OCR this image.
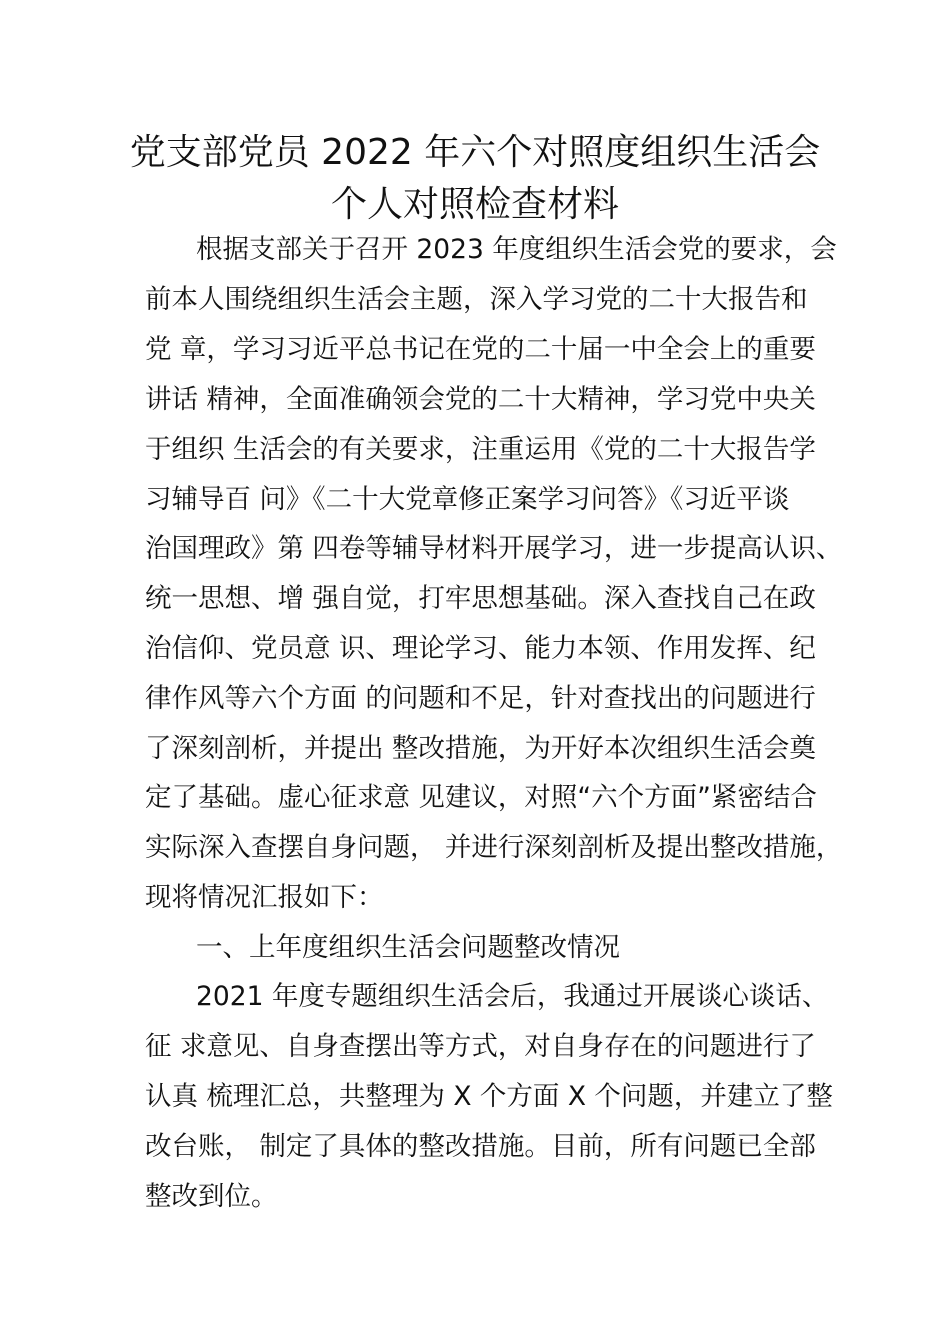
党支部党员 2022 年六个对照度组织生活会
个人对照检查材料
根据支部关于召开 2023 年度组织生活会党的要求，会
前本人围绕组织生活会主题，深入学习党的二十大报告和
党 章，学习习近平总书记在党的二十届一中全会上的重要
讲话 精神，全面准确领会党的二十大精神，学习党中央关
于组织 生活会的有关要求，注重运用《党的二十大报告学
习辅导百 问》《二十大党章修正案学习问答》《习近平谈
治国理政》第 四卷等辅导材料开展学习，进一步提高认识、
统一思想、增 强自觉，打牢思想基础。深入查找自己在政
治信仰、党员意 识、理论学习、能力本领、作用发挥、纪
律作风等六个方面 的问题和不足，针对查找出的问题进行
了深刻剖析，并提出 整改措施，为开好本次组织生活会奠
定了基础。虚心征求意 见建议，对照“六个方面”紧密结合
实际深入查摆自身问题， 并进行深刻剖析及提出整改措施，
现将情况汇报如下：
一、上年度组织生活会问题整改情况
2021 年度专题组织生活会后，我通过开展谈心谈话、
征 求意见、自身查摆出等方式，对自身存在的问题进行了
认真 梳理汇总，共整理为 X 个方面 X 个问题，并建立了整
改台账， 制定了具体的整改措施。目前，所有问题已全部
整改到位。
